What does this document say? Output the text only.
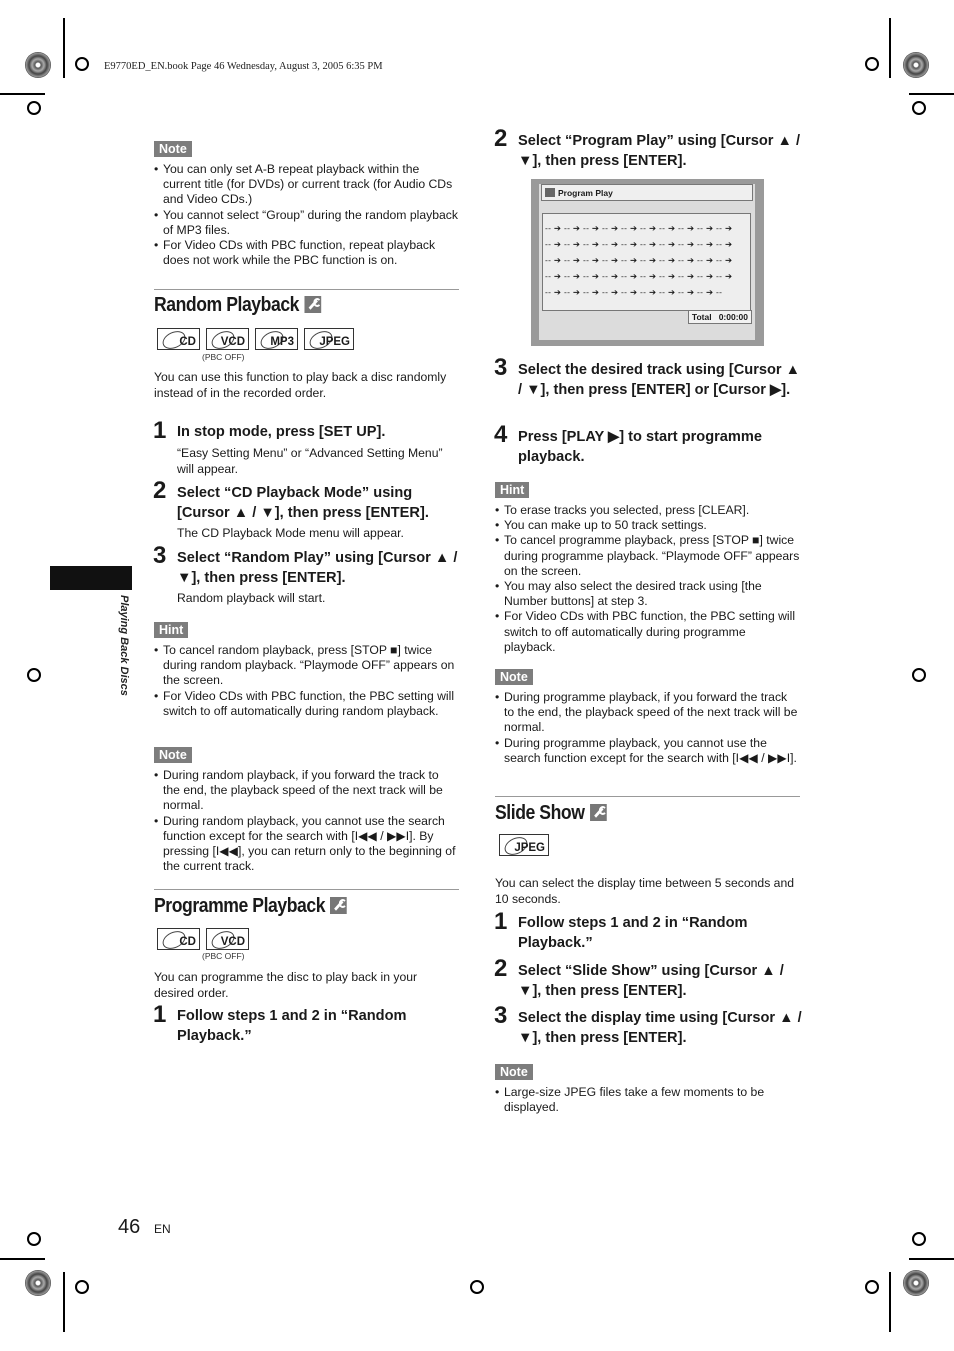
E9770ED_EN.book Page 46 Wednesday, August 3, 2005 6:35 PM
Playing Back Discs
Note
• You can only set A-B repeat playback within the current title (for DVDs) or current track (for Audio CDs and Video CDs.)
• You cannot select “Group” during the random playback of MP3 files.
• For Video CDs with PBC function, repeat playback does not work while the PBC function is on.
Random Playback
CD VCD MP3 JPEG
(PBC OFF)
You can use this function to play back a disc randomly instead of in the recorded order.
1 In stop mode, press [SET UP].
“Easy Setting Menu” or “Advanced Setting Menu” will appear.
2 Select “CD Playback Mode” using [Cursor ▲ / ▼], then press [ENTER].
The CD Playback Mode menu will appear.
3 Select “Random Play” using [Cursor ▲ / ▼], then press [ENTER].
Random playback will start.
Hint
• To cancel random playback, press [STOP ■] twice during random playback. “Playmode OFF” appears on the screen.
• For Video CDs with PBC function, the PBC setting will switch to off automatically during random playback.
Note
• During random playback, if you forward the track to the end, the playback speed of the next track will be normal.
• During random playback, you cannot use the search function except for the search with [I◀◀ / ▶▶I]. By pressing [I◀◀], you can return only to the beginning of the current track.
Programme Playback
CD VCD
(PBC OFF)
You can programme the disc to play back in your desired order.
1 Follow steps 1 and 2 in “Random Playback.”
46 EN
2 Select “Program Play” using [Cursor ▲ / ▼], then press [ENTER].
Program Play
-- ➔ -- ➔ -- ➔ -- ➔ -- ➔ -- ➔ -- ➔ -- ➔ -- ➔ -- ➔
-- ➔ -- ➔ -- ➔ -- ➔ -- ➔ -- ➔ -- ➔ -- ➔ -- ➔ -- ➔
-- ➔ -- ➔ -- ➔ -- ➔ -- ➔ -- ➔ -- ➔ -- ➔ -- ➔ -- ➔
-- ➔ -- ➔ -- ➔ -- ➔ -- ➔ -- ➔ -- ➔ -- ➔ -- ➔ -- ➔
-- ➔ -- ➔ -- ➔ -- ➔ -- ➔ -- ➔ -- ➔ -- ➔ -- ➔ --
Total 0:00:00
3 Select the desired track using [Cursor ▲ / ▼], then press [ENTER] or [Cursor ▶].
4 Press [PLAY ▶] to start programme playback.
Hint
• To erase tracks you selected, press [CLEAR].
• You can make up to 50 track settings.
• To cancel programme playback, press [STOP ■] twice during programme playback. “Playmode OFF” appears on the screen.
• You may also select the desired track using [the Number buttons] at step 3.
• For Video CDs with PBC function, the PBC setting will switch to off automatically during programme playback.
Note
• During programme playback, if you forward the track to the end, the playback speed of the next track will be normal.
• During programme playback, you cannot use the search function except for the search with [I◀◀ / ▶▶I].
Slide Show
JPEG
You can select the display time between 5 seconds and 10 seconds.
1 Follow steps 1 and 2 in “Random Playback.”
2 Select “Slide Show” using [Cursor ▲ / ▼], then press [ENTER].
3 Select the display time using [Cursor ▲ / ▼], then press [ENTER].
Note
• Large-size JPEG files take a few moments to be displayed.
